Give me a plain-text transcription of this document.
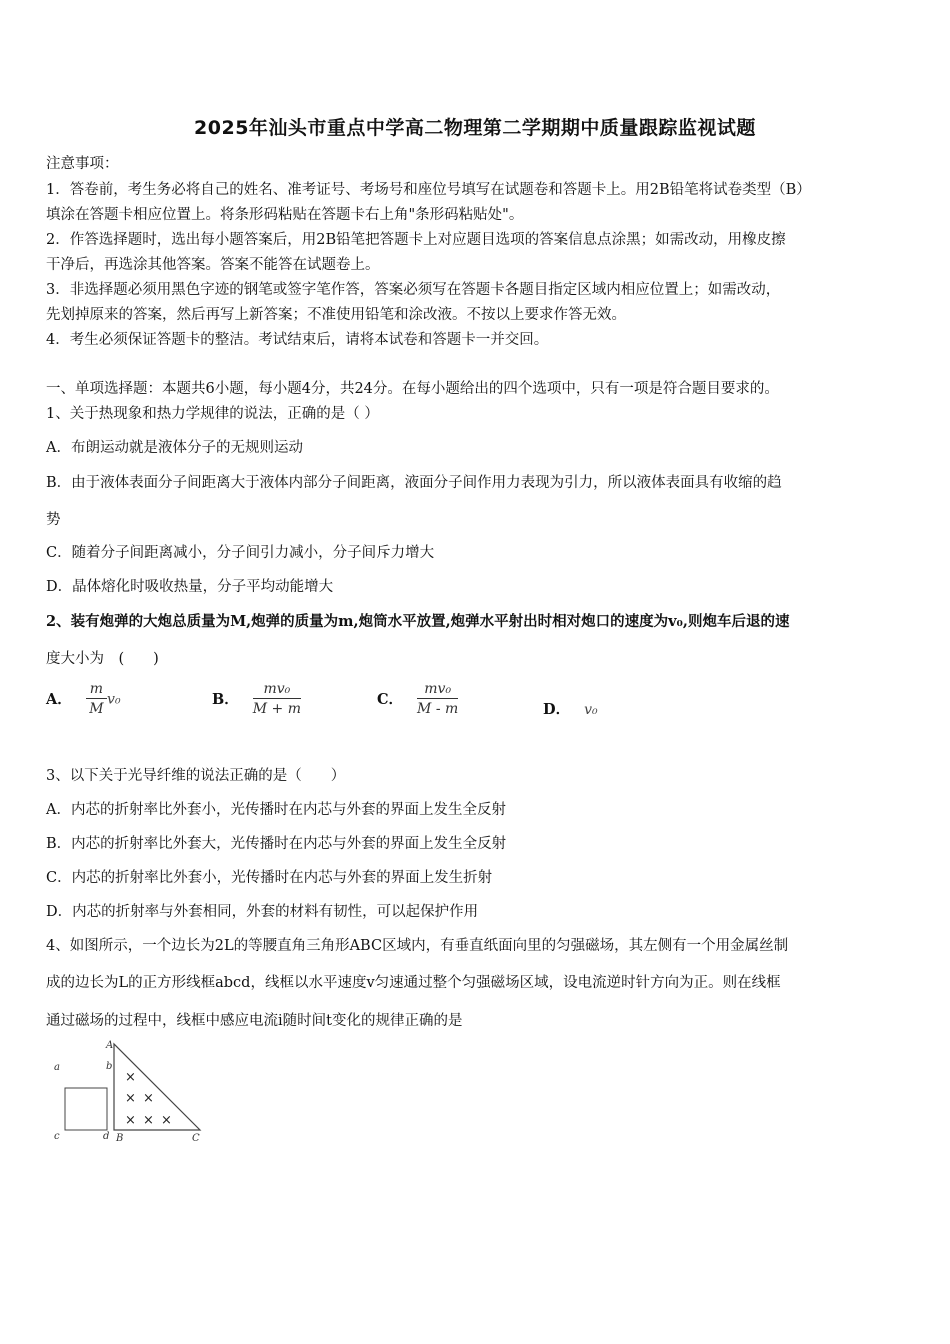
2025年汕头市重点中学高二物理第二学期期中质量跟踪监视试题
注意事项：
1．答卷前，考生务必将自己的姓名、准考证号、考场号和座位号填写在试题卷和答题卡上。用2B铅笔将试卷类型（B）
填涂在答题卡相应位置上。将条形码粘贴在答题卡右上角"条形码粘贴处"。
2．作答选择题时，选出每小题答案后，用2B铅笔把答题卡上对应题目选项的答案信息点涂黑；如需改动，用橡皮擦
干净后，再选涂其他答案。答案不能答在试题卷上。
3．非选择题必须用黑色字迹的钢笔或签字笔作答，答案必须写在答题卡各题目指定区域内相应位置上；如需改动，
先划掉原来的答案，然后再写上新答案；不准使用铅笔和涂改液。不按以上要求作答无效。
4．考生必须保证答题卡的整洁。考试结束后，请将本试卷和答题卡一并交回。
一、单项选择题：本题共6小题，每小题4分，共24分。在每小题给出的四个选项中，只有一项是符合题目要求的。
1、关于热现象和热力学规律的说法，正确的是（ ）
A．布朗运动就是液体分子的无规则运动
B．由于液体表面分子间距离大于液体内部分子间距离，液面分子间作用力表现为引力，所以液体表面具有收缩的趋
势
C．随着分子间距离减小，分子间引力减小，分子间斥力增大
D．晶体熔化时吸收热量，分子平均动能增大
2、装有炮弹的大炮总质量为M,炮弹的质量为m,炮筒水平放置,炮弹水平射出时相对炮口的速度为v₀,则炮车后退的速
度大小为　(　　)
A． $\frac{m}{M} v_0$	B． $\frac{\text{mv₀}}{M + m}$	C． $\frac{\text{mv₀}}{M - m}$	D． v₀
3、以下关于光导纤维的说法正确的是（　　）
A．内芯的折射率比外套小，光传播时在内芯与外套的界面上发生全反射
B．内芯的折射率比外套大，光传播时在内芯与外套的界面上发生全反射
C．内芯的折射率比外套小，光传播时在内芯与外套的界面上发生折射
D．内芯的折射率与外套相同，外套的材料有韧性，可以起保护作用
4、如图所示，一个边长为2L的等腰直角三角形ABC区域内，有垂直纸面向里的匀强磁场，其左侧有一个用金属丝制
成的边长为L的正方形线框abcd，线框以水平速度v匀速通过整个匀强磁场区域，设电流逆时针方向为正。则在线框
通过磁场的过程中，线框中感应电流i随时间t变化的规律正确的是
A
b
a
c	d B	C
×
× ×
× × ×
